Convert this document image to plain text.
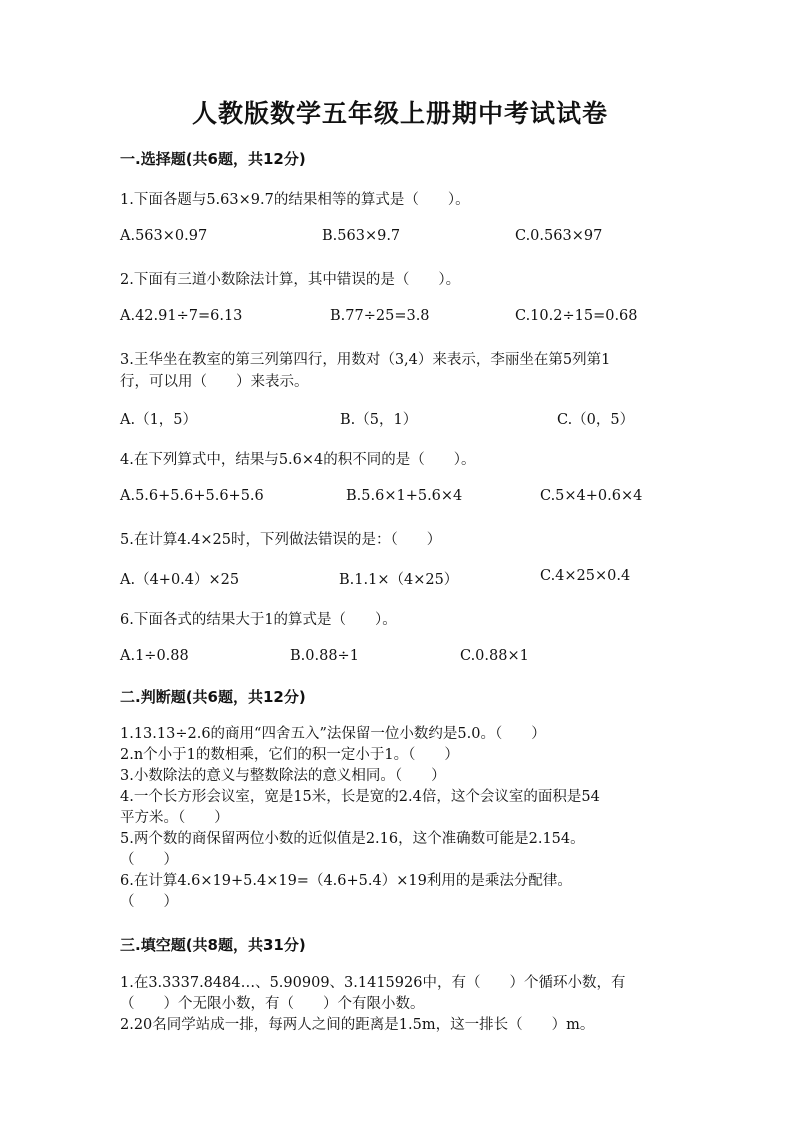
人教版数学五年级上册期中考试试卷
一.选择题(共6题，共12分)
1.下面各题与5.63×9.7的结果相等的算式是（　　）。
A.563×0.97	B.563×9.7	C.0.563×97
2.下面有三道小数除法计算，其中错误的是（　　）。
A.42.91÷7=6.13	B.77÷25=3.8	C.10.2÷15=0.68
3.王华坐在教室的第三列第四行，用数对（3,4）来表示，李丽坐在第5列第1
行，可以用（　　）来表示。
A.（1，5）	B.（5，1）	C.（0，5）
4.在下列算式中，结果与5.6×4的积不同的是（　　）。
A.5.6+5.6+5.6+5.6	B.5.6×1+5.6×4	C.5×4+0.6×4
5.在计算4.4×25时，下列做法错误的是：（　　）
A.（4+0.4）×25	B.1.1×（4×25）	C.4×25×0.4
6.下面各式的结果大于1的算式是（　　）。
A.1÷0.88	B.0.88÷1	C.0.88×1
二.判断题(共6题，共12分)
1.13.13÷2.6的商用“四舍五入”法保留一位小数约是5.0。（　　）
2.n个小于1的数相乘，它们的积一定小于1。（　　）
3.小数除法的意义与整数除法的意义相同。（　　）
4.一个长方形会议室，宽是15米，长是宽的2.4倍，这个会议室的面积是54
平方米。（　　）
5.两个数的商保留两位小数的近似值是2.16，这个准确数可能是2.154。
（　　）
6.在计算4.6×19+5.4×19=（4.6+5.4）×19利用的是乘法分配律。
（　　）
三.填空题(共8题，共31分)
1.在3.3337.8484…、5.90909、3.1415926中，有（　　）个循环小数，有
（　　）个无限小数，有（　　）个有限小数。
2.20名同学站成一排，每两人之间的距离是1.5m，这一排长（　　）m。
